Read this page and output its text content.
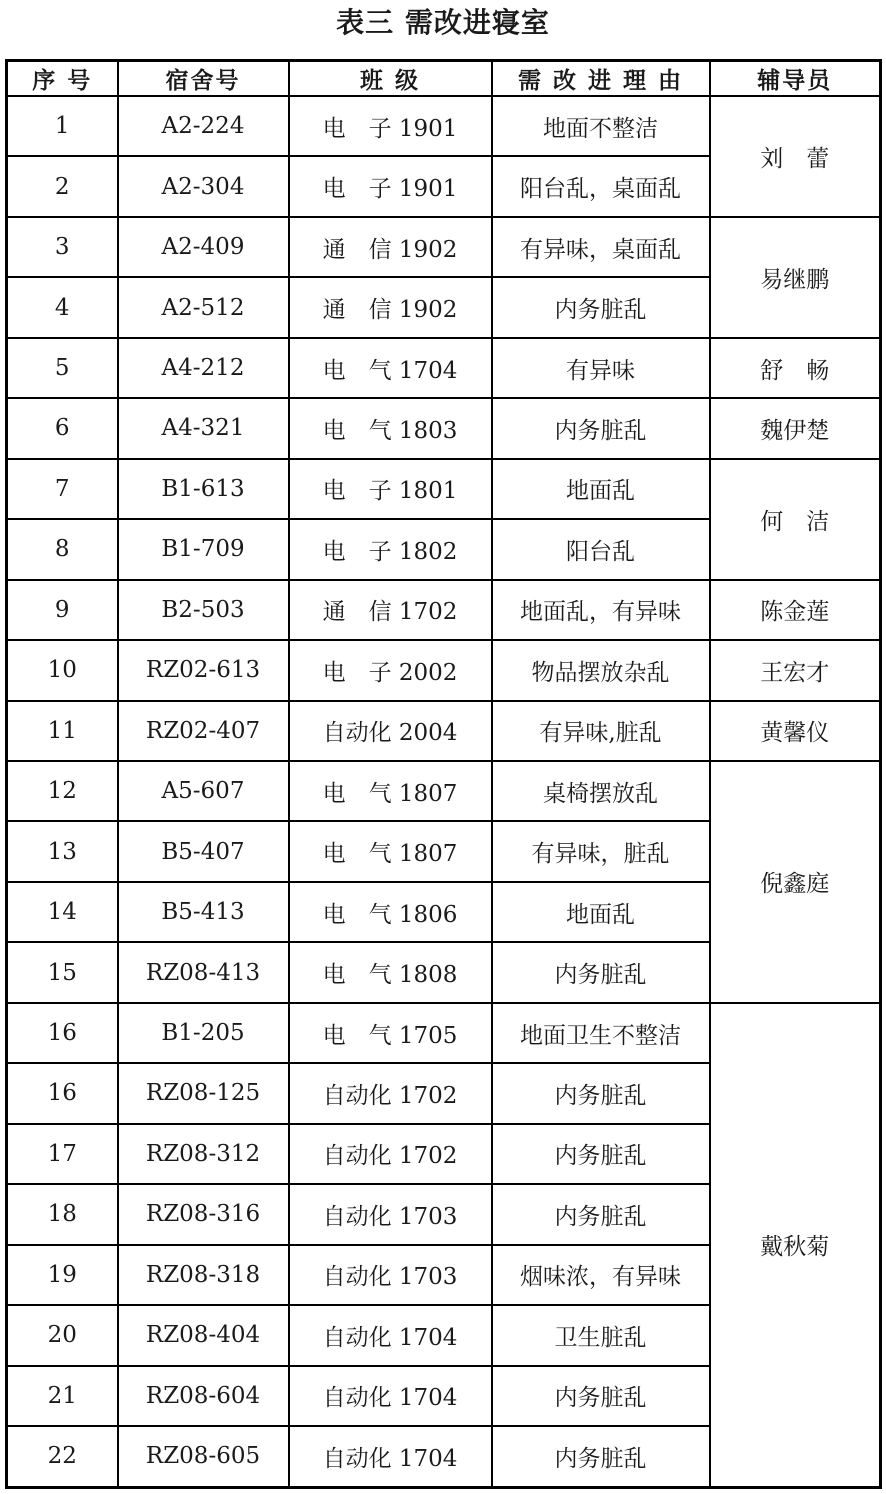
表三 需改进寝室
序 号	宿舍号	班 级	需 改 进 理 由	辅导员
1	A2-224	电　子 1901	地面不整洁	刘　蕾
2	A2-304	电　子 1901	阳台乱，桌面乱	
3	A2-409	通　信 1902	有异味，桌面乱	易继鹏
4	A2-512	通　信 1902	内务脏乱	
5	A4-212	电　气 1704	有异味	舒　畅
6	A4-321	电　气 1803	内务脏乱	魏伊楚
7	B1-613	电　子 1801	地面乱	何　洁
8	B1-709	电　子 1802	阳台乱	
9	B2-503	通　信 1702	地面乱，有异味	陈金莲
10	RZ02-613	电　子 2002	物品摆放杂乱	王宏才
11	RZ02-407	自动化 2004	有异味,脏乱	黄馨仪
12	A5-607	电　气 1807	桌椅摆放乱	倪鑫庭
13	B5-407	电　气 1807	有异味，脏乱	
14	B5-413	电　气 1806	地面乱	
15	RZ08-413	电　气 1808	内务脏乱	
16	B1-205	电　气 1705	地面卫生不整洁	戴秋菊
16	RZ08-125	自动化 1702	内务脏乱	
17	RZ08-312	自动化 1702	内务脏乱	
18	RZ08-316	自动化 1703	内务脏乱	
19	RZ08-318	自动化 1703	烟味浓，有异味	
20	RZ08-404	自动化 1704	卫生脏乱	
21	RZ08-604	自动化 1704	内务脏乱	
22	RZ08-605	自动化 1704	内务脏乱	
